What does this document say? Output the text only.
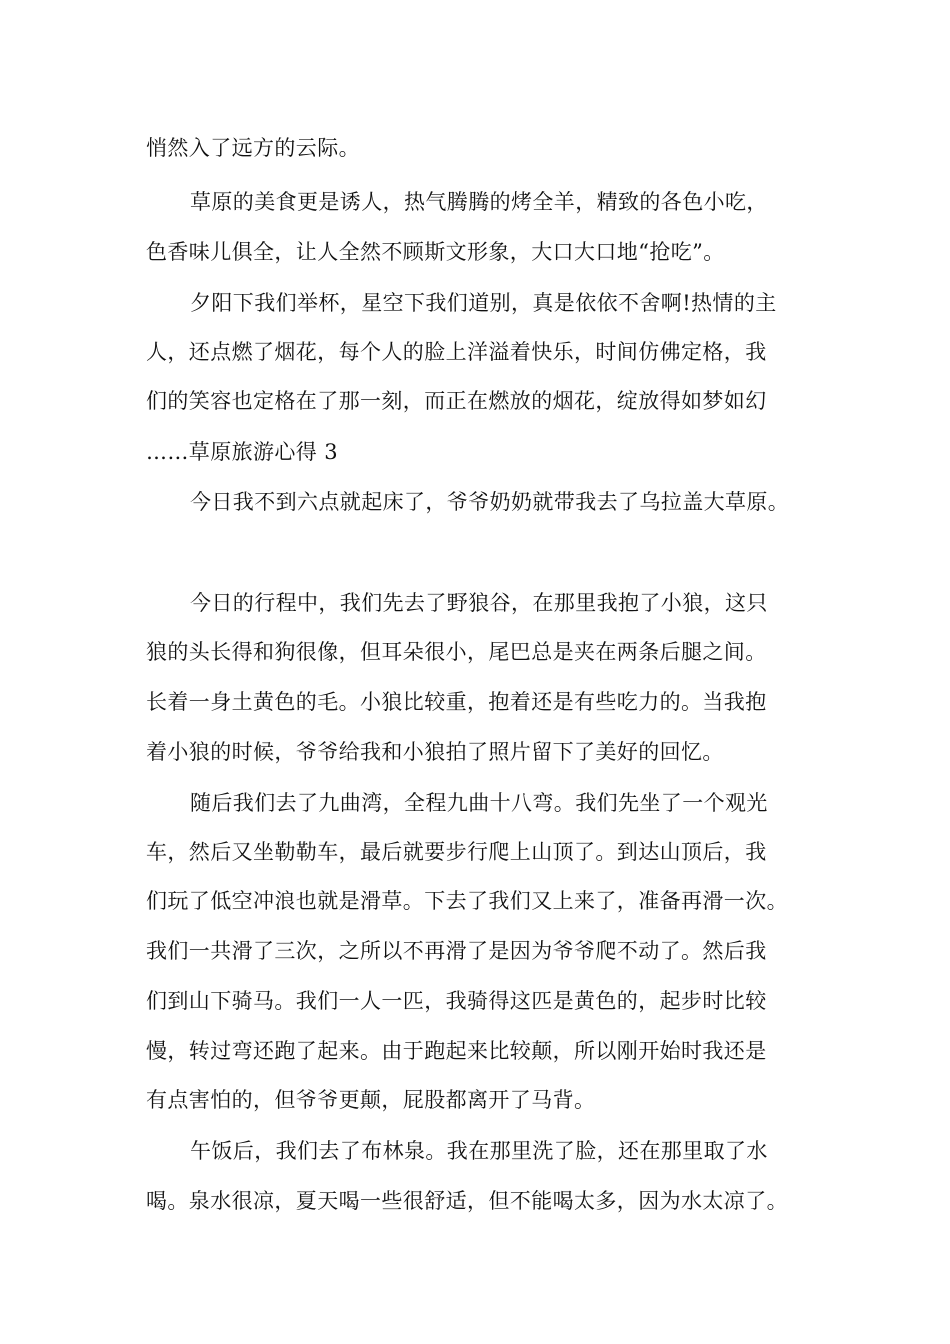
悄然入了远方的云际。
草原的美食更是诱人，热气腾腾的烤全羊，精致的各色小吃，
色香味儿俱全，让人全然不顾斯文形象，大口大口地“抢吃”。
夕阳下我们举杯，星空下我们道别，真是依依不舍啊!热情的主
人，还点燃了烟花，每个人的脸上洋溢着快乐，时间仿佛定格，我
们的笑容也定格在了那一刻，而正在燃放的烟花，绽放得如梦如幻
……草原旅游心得 3
今日我不到六点就起床了，爷爷奶奶就带我去了乌拉盖大草原。
今日的行程中，我们先去了野狼谷，在那里我抱了小狼，这只
狼的头长得和狗很像，但耳朵很小，尾巴总是夹在两条后腿之间。
长着一身土黄色的毛。小狼比较重，抱着还是有些吃力的。当我抱
着小狼的时候，爷爷给我和小狼拍了照片留下了美好的回忆。
随后我们去了九曲湾，全程九曲十八弯。我们先坐了一个观光
车，然后又坐勒勒车，最后就要步行爬上山顶了。到达山顶后，我
们玩了低空冲浪也就是滑草。下去了我们又上来了，准备再滑一次。
我们一共滑了三次，之所以不再滑了是因为爷爷爬不动了。然后我
们到山下骑马。我们一人一匹，我骑得这匹是黄色的，起步时比较
慢，转过弯还跑了起来。由于跑起来比较颠，所以刚开始时我还是
有点害怕的，但爷爷更颠，屁股都离开了马背。
午饭后，我们去了布林泉。我在那里洗了脸，还在那里取了水
喝。泉水很凉，夏天喝一些很舒适，但不能喝太多，因为水太凉了。
